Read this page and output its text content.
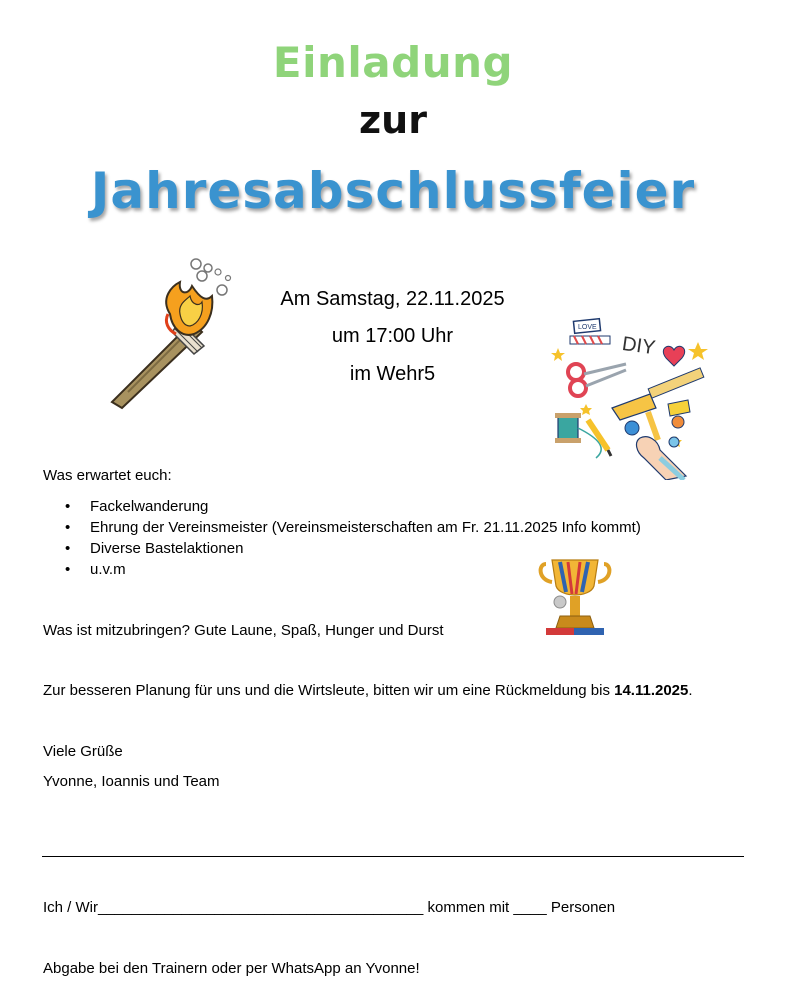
Einladung
zur
Jahresabschlussfeier
Am Samstag, 22.11.2025
um 17:00 Uhr
im Wehr5
LOVE
DIY
Was erwartet euch:
• Fackelwanderung
• Ehrung der Vereinsmeister (Vereinsmeisterschaften am Fr. 21.11.2025 Info kommt)
• Diverse Bastelaktionen
• u.v.m
Was ist mitzubringen? Gute Laune, Spaß, Hunger und Durst
Zur besseren Planung für uns und die Wirtsleute, bitten wir um eine Rückmeldung bis 14.11.2025.
Viele Grüße
Yvonne, Ioannis und Team
Ich / Wir_______________________________________ kommen mit ____ Personen
Abgabe bei den Trainern oder per WhatsApp an Yvonne!
